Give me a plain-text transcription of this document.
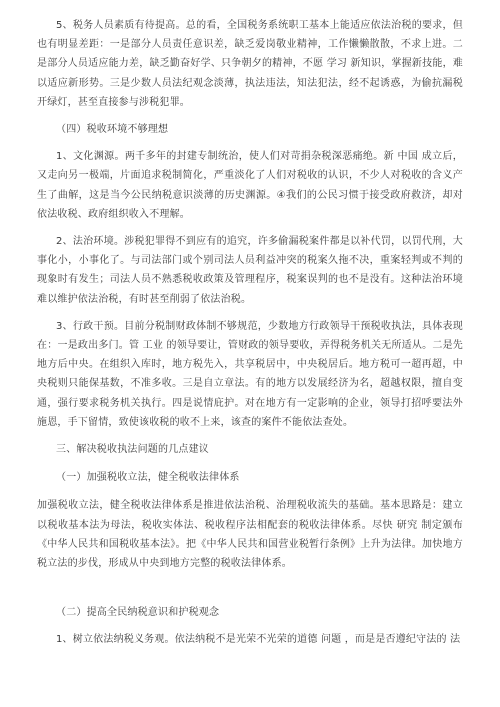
5、税务人员素质有待提高。总的看，全国税务系统职工基本上能适应依法治税的要求，但也有明显差距：一是部分人员责任意识差，缺乏爱岗敬业精神，工作懒懒散散，不求上进。二是部分人员适应能力差，缺乏勤奋好学、只争朝夕的精神，不愿 学习 新知识，掌握新技能，难以适应新形势。三是少数人员法纪观念淡薄，执法违法，知法犯法，经不起诱惑，为偷抗漏税开绿灯，甚至直接参与涉税犯罪。

（四）税收环境不够理想

1、文化渊源。两千多年的封建专制统治，使人们对苛捐杂税深恶痛绝。新 中国 成立后，又走向另一极端，片面追求税制简化，严重淡化了人们对税收的认识，不少人对税收的含义产生了曲解，这是当今公民纳税意识淡薄的历史渊源。④我们的公民习惯于接受政府救济，却对依法收税、政府组织收入不理解。

2、法治环境。涉税犯罪得不到应有的追究，许多偷漏税案件都是以补代罚，以罚代刑，大事化小，小事化了。与司法部门或个别司法人员利益冲突的税案久拖不决，重案轻判或不判的现象时有发生；司法人员不熟悉税收政策及管理程序，税案误判的也不是没有。这种法治环境难以维护依法治税，有时甚至削弱了依法治税。

3、行政干预。目前分税制财政体制不够规范，少数地方行政领导干预税收执法，具体表现在：一是政出多门。管 工业 的领导要让，管财政的领导要收，弄得税务机关无所适从。二是先地方后中央。在组织入库时，地方税先入，共享税居中，中央税居后。地方税可一超再超，中央税则只能保基数，不准多收。三是自立章法。有的地方以发展经济为名，超越权限，擅自变通，强行要求税务机关执行。四是说情庇护。对在地方有一定影响的企业，领导打招呼要法外施恩，手下留情，致使该收税的收不上来，该查的案件不能依法查处。

三、解决税收执法问题的几点建议

（一）加强税收立法，健全税收法律体系

加强税收立法，健全税收法律体系是推进依法治税、治理税收流失的基础。基本思路是：建立以税收基本法为母法，税收实体法、税收程序法相配套的税收法律体系。尽快 研究 制定颁布《中华人民共和国税收基本法》。把《中华人民共和国营业税暂行条例》上升为法律。加快地方税立法的步伐，形成从中央到地方完整的税收法律体系。

（二）提高全民纳税意识和护税观念

1、树立依法纳税义务观。依法纳税不是光荣不光荣的道德 问题 ，而是是否遵纪守法的 法
